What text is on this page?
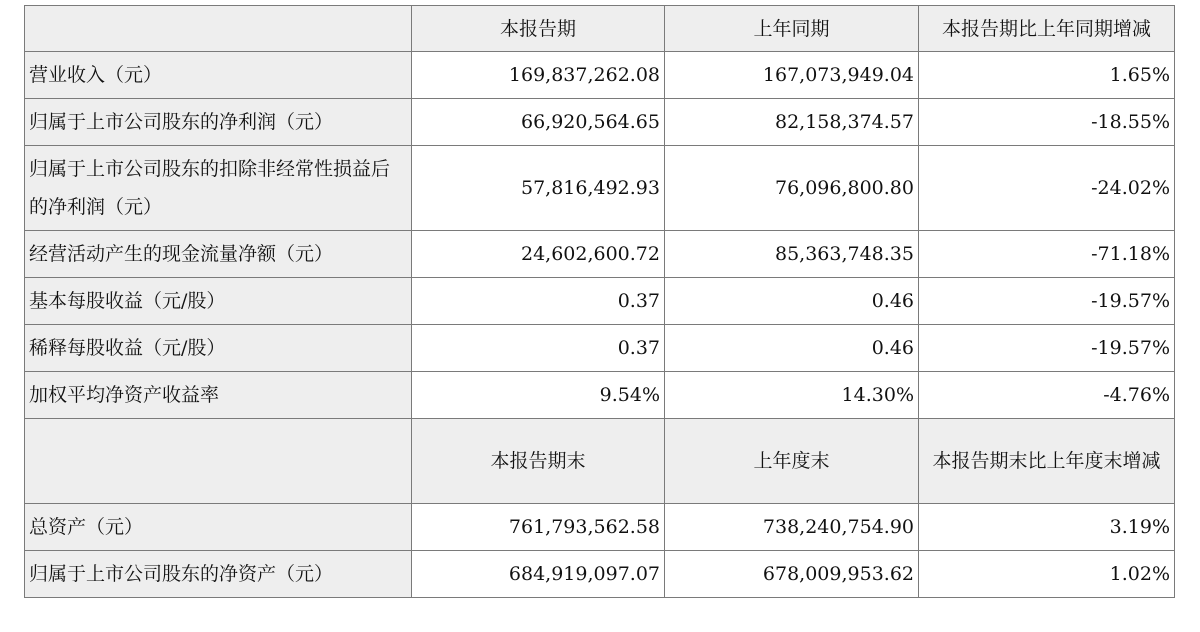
	本报告期	上年同期	本报告期比上年同期增减
营业收入（元）	169,837,262.08	167,073,949.04	1.65%
归属于上市公司股东的净利润（元）	66,920,564.65	82,158,374.57	-18.55%

归属于上市公司股东的扣除非经常性损益后的净利润（元）	57,816,492.93	76,096,800.80	-24.02%
经营活动产生的现金流量净额（元）	24,602,600.72	85,363,748.35	-71.18%
基本每股收益（元/股）	0.37	0.46	-19.57%
稀释每股收益（元/股）	0.37	0.46	-19.57%
加权平均净资产收益率	9.54%	14.30%	-4.76%
	本报告期末	上年度末	本报告期末比上年度末增减

总资产（元）	761,793,562.58	738,240,754.90	3.19%
归属于上市公司股东的净资产（元）	684,919,097.07	678,009,953.62	1.02%
